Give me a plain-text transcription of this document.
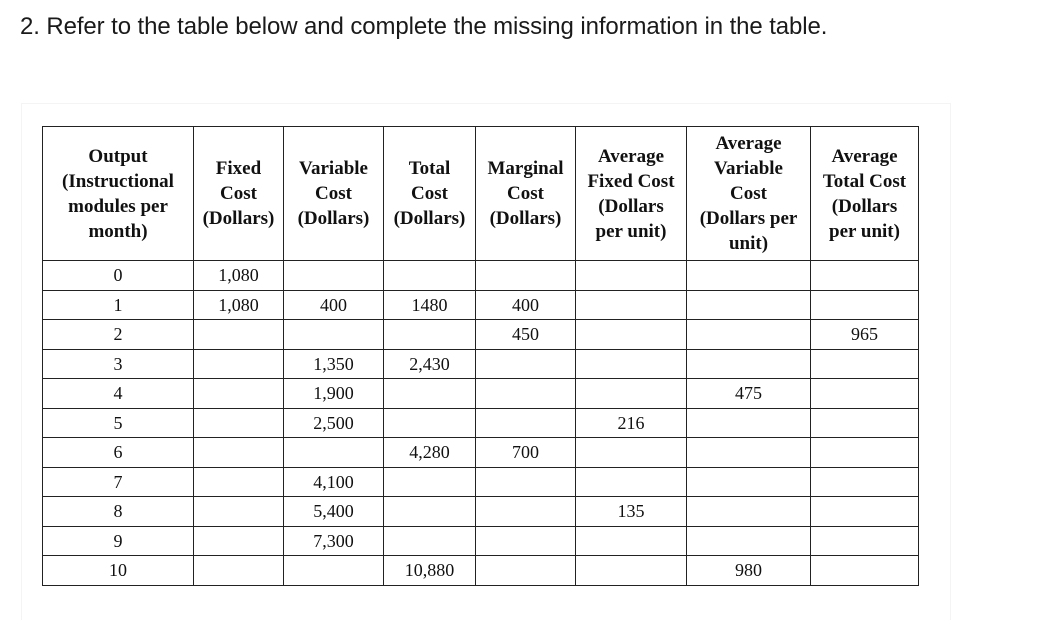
2. Refer to the table below and complete the missing information in the table.
Output
(Instructional
modules per
month)	Fixed
Cost
(Dollars)	Variable
Cost
(Dollars)	Total
Cost
(Dollars)	Marginal
Cost
(Dollars)	Average
Fixed Cost
(Dollars
per unit)	Average
Variable
Cost
(Dollars per
unit)	Average
Total Cost
(Dollars
per unit)
0	1,080						
1	1,080	400	1480	400			
2				450			965
3		1,350	2,430				
4		1,900				475	
5		2,500			216		
6			4,280	700			
7		4,100					
8		5,400			135		
9		7,300					
10			10,880			980	
